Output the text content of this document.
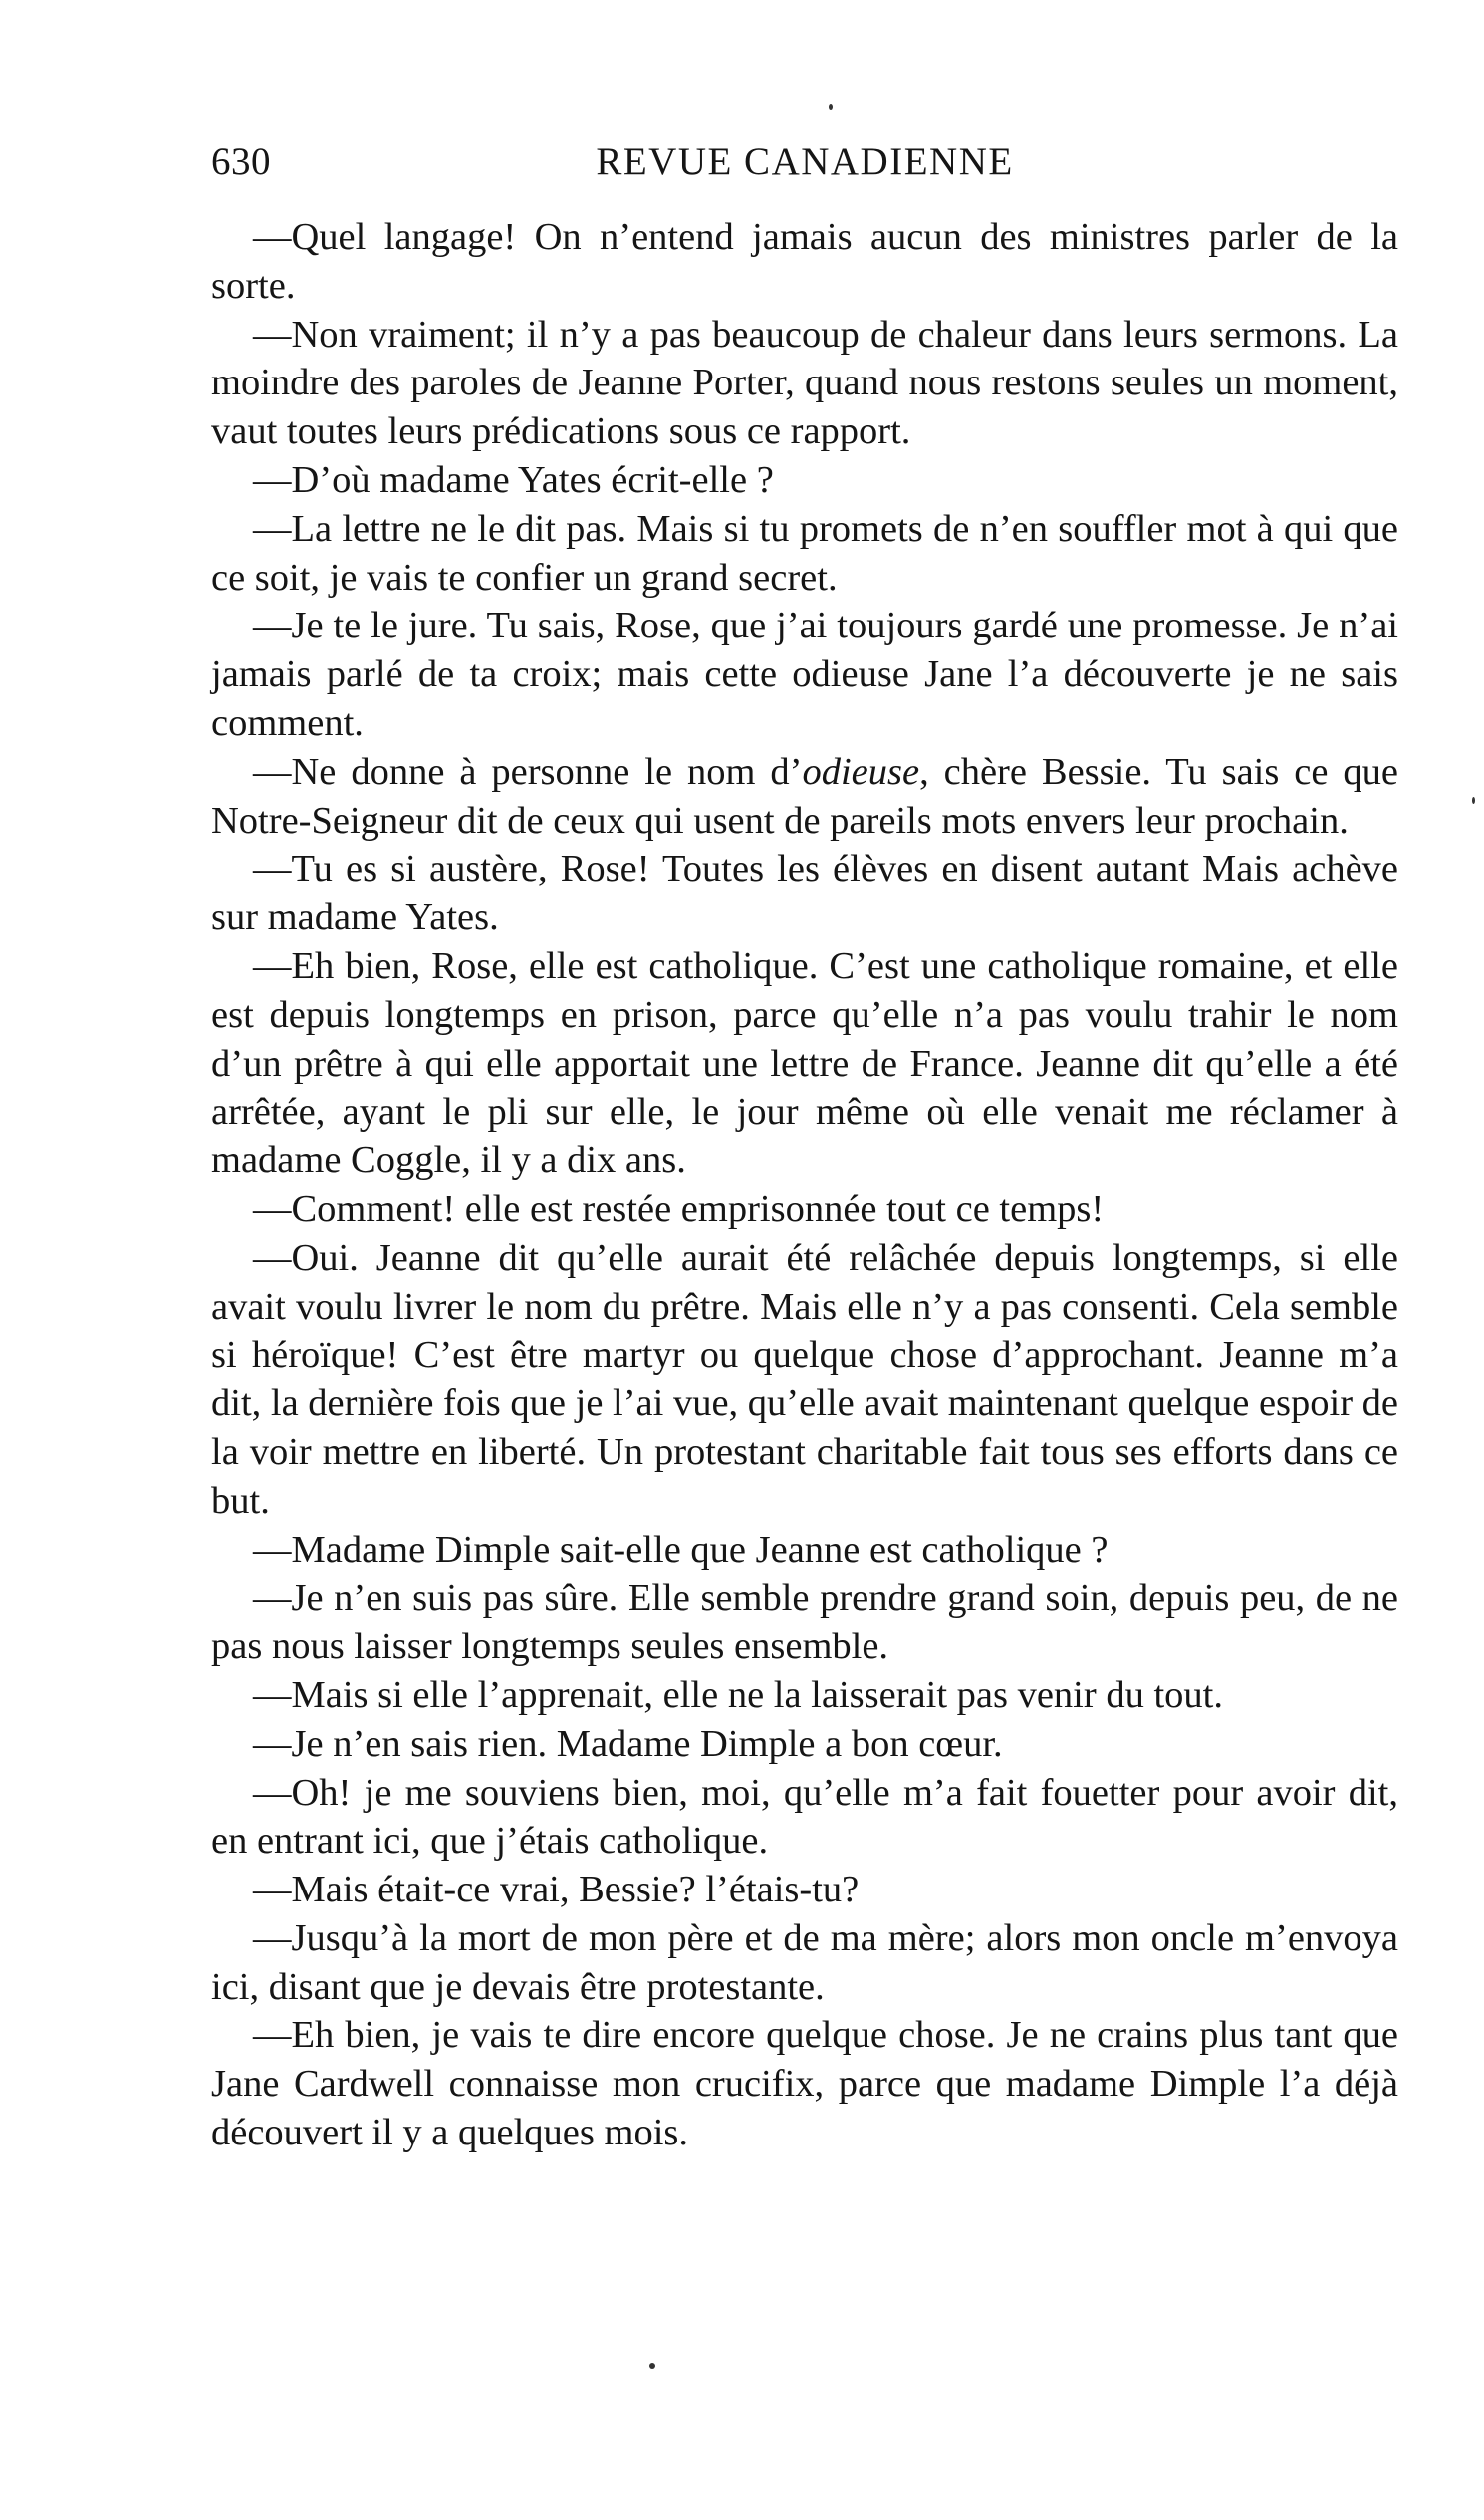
630	REVUE CANADIENNE

—Quel langage! On n’entend jamais aucun des ministres parler de la sorte.

—Non vraiment; il n’y a pas beaucoup de chaleur dans leurs sermons. La moindre des paroles de Jeanne Porter, quand nous restons seules un moment, vaut toutes leurs prédications sous ce rapport.

—D’où madame Yates écrit-elle ?

—La lettre ne le dit pas. Mais si tu promets de n’en souffler mot à qui que ce soit, je vais te confier un grand secret.

—Je te le jure. Tu sais, Rose, que j’ai toujours gardé une promesse. Je n’ai jamais parlé de ta croix; mais cette odieuse Jane l’a découverte je ne sais comment.

—Ne donne à personne le nom d’odieuse, chère Bessie. Tu sais ce que Notre-Seigneur dit de ceux qui usent de pareils mots envers leur prochain.

—Tu es si austère, Rose! Toutes les élèves en disent autant Mais achève sur madame Yates.

—Eh bien, Rose, elle est catholique. C’est une catholique romaine, et elle est depuis longtemps en prison, parce qu’elle n’a pas voulu trahir le nom d’un prêtre à qui elle apportait une lettre de France. Jeanne dit qu’elle a été arrêtée, ayant le pli sur elle, le jour même où elle venait me réclamer à madame Coggle, il y a dix ans.

—Comment! elle est restée emprisonnée tout ce temps!

—Oui. Jeanne dit qu’elle aurait été relâchée depuis longtemps, si elle avait voulu livrer le nom du prêtre. Mais elle n’y a pas consenti. Cela semble si héroïque! C’est être martyr ou quelque chose d’approchant. Jeanne m’a dit, la dernière fois que je l’ai vue, qu’elle avait maintenant quelque espoir de la voir mettre en liberté. Un protestant charitable fait tous ses efforts dans ce but.

—Madame Dimple sait-elle que Jeanne est catholique ?

—Je n’en suis pas sûre. Elle semble prendre grand soin, depuis peu, de ne pas nous laisser longtemps seules ensemble.

—Mais si elle l’apprenait, elle ne la laisserait pas venir du tout.

—Je n’en sais rien. Madame Dimple a bon cœur.

—Oh! je me souviens bien, moi, qu’elle m’a fait fouetter pour avoir dit, en entrant ici, que j’étais catholique.

—Mais était-ce vrai, Bessie? l’étais-tu?

—Jusqu’à la mort de mon père et de ma mère; alors mon oncle m’envoya ici, disant que je devais être protestante.

—Eh bien, je vais te dire encore quelque chose. Je ne crains plus tant que Jane Cardwell connaisse mon crucifix, parce que madame Dimple l’a déjà découvert il y a quelques mois.
